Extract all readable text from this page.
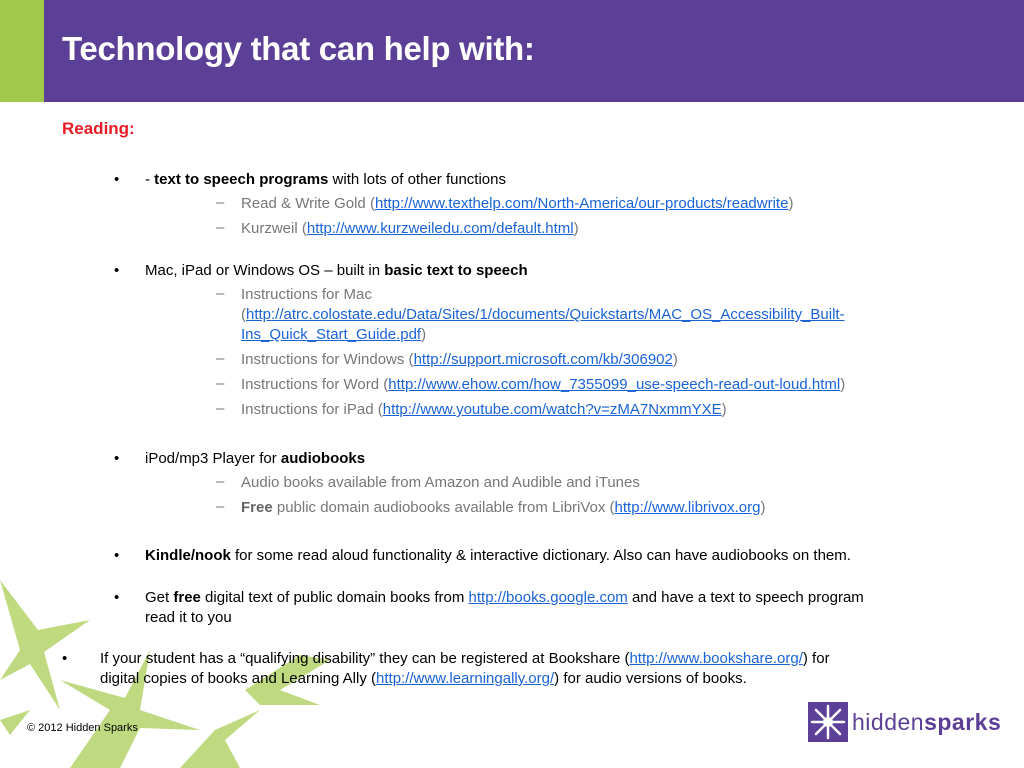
Technology that can help with:
Reading:
• - text to speech programs with lots of other functions
– Read & Write Gold (http://www.texthelp.com/North-America/our-products/readwrite)
– Kurzweil (http://www.kurzweiledu.com/default.html)
• Mac, iPad or Windows OS – built in basic text to speech
– Instructions for Mac
(http://atrc.colostate.edu/Data/Sites/1/documents/Quickstarts/MAC_OS_Accessibility_Built-
Ins_Quick_Start_Guide.pdf)
– Instructions for Windows (http://support.microsoft.com/kb/306902)
– Instructions for Word (http://www.ehow.com/how_7355099_use-speech-read-out-loud.html)
– Instructions for iPad (http://www.youtube.com/watch?v=zMA7NxmmYXE)
• iPod/mp3 Player for audiobooks
– Audio books available from Amazon and Audible and iTunes
– Free public domain audiobooks available from LibriVox (http://www.librivox.org)
• Kindle/nook for some read aloud functionality & interactive dictionary. Also can have audiobooks on them.
• Get free digital text of public domain books from http://books.google.com and have a text to speech program
read it to you
• If your student has a “qualifying disability” they can be registered at Bookshare (http://www.bookshare.org/) for
digital copies of books and Learning Ally (http://www.learningally.org/) for audio versions of books.
© 2012 Hidden Sparks	hiddensparks
